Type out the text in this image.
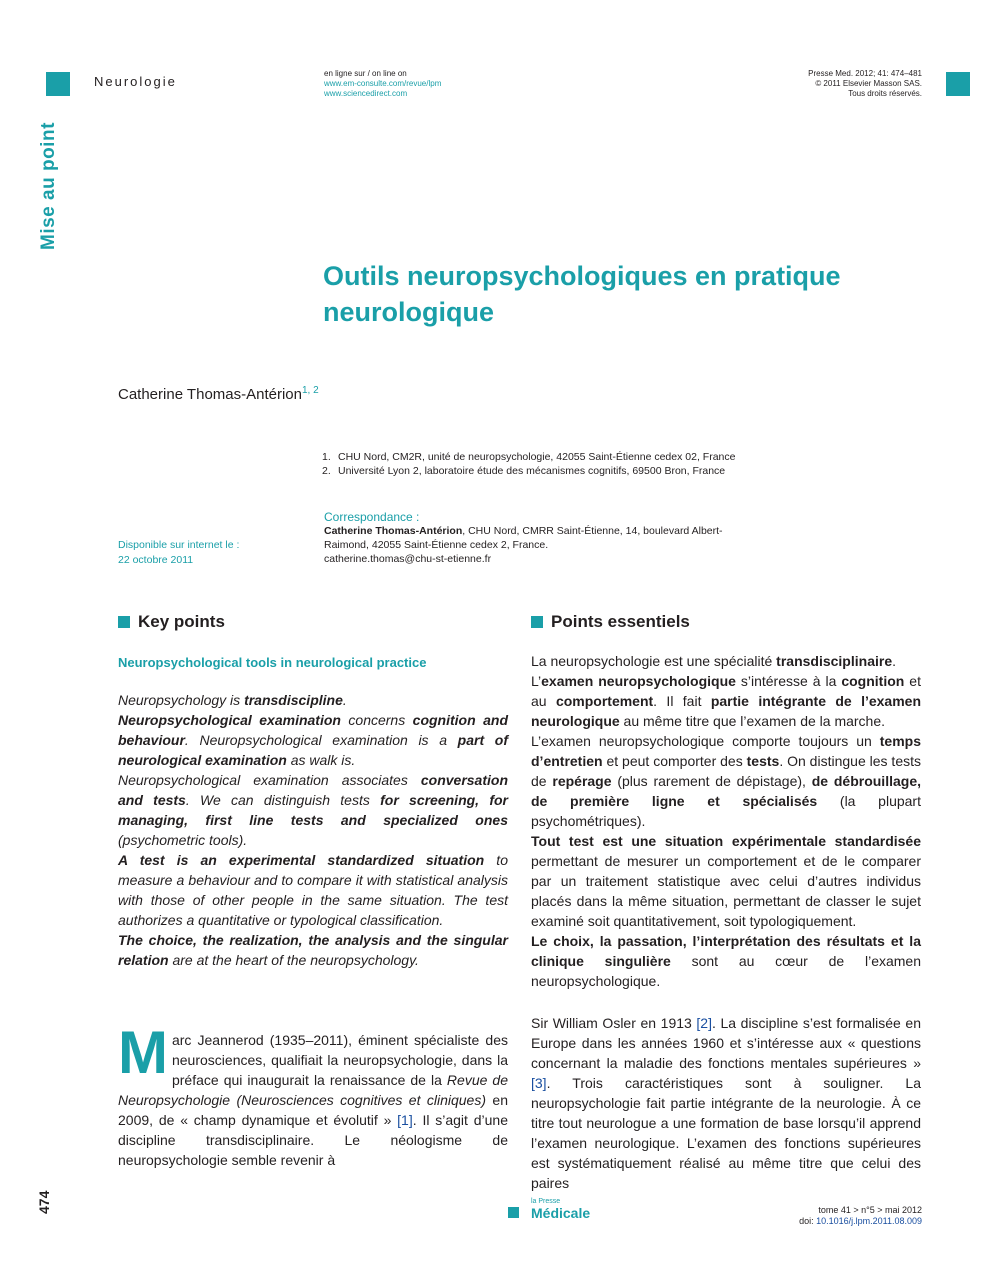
Neurologie
en ligne sur / on line on
www.em-consulte.com/revue/lpm
www.sciencedirect.com
Presse Med. 2012; 41: 474–481
© 2011 Elsevier Masson SAS.
Tous droits réservés.
Mise au point
Outils neuropsychologiques en pratique neurologique
Catherine Thomas-Antérion$^{1, 2}$
1. CHU Nord, CM2R, unité de neuropsychologie, 42055 Saint-Étienne cedex 02, France
2. Université Lyon 2, laboratoire étude des mécanismes cognitifs, 69500 Bron, France
Correspondance :
Catherine Thomas-Antérion, CHU Nord, CMRR Saint-Étienne, 14, boulevard Albert-Raimond, 42055 Saint-Étienne cedex 2, France.
catherine.thomas@chu-st-etienne.fr
Disponible sur internet le :
22 octobre 2011
Key points	Points essentiels
Neuropsychological tools in neurological practice

Neuropsychology is transdiscipline.

Neuropsychological examination concerns cognition and behaviour. Neuropsychological examination is a part of neurological examination as walk is.

Neuropsychological examination associates conversation and tests. We can distinguish tests for screening, for managing, first line tests and specialized ones (psychometric tools).

A test is an experimental standardized situation to measure a behaviour and to compare it with statistical analysis with those of other people in the same situation. The test authorizes a quantitative or typological classification.

The choice, the realization, the analysis and the singular relation are at the heart of the neuropsychology.

La neuropsychologie est une spécialité transdisciplinaire.

L’examen neuropsychologique s’intéresse à la cognition et au comportement. Il fait partie intégrante de l’examen neurologique au même titre que l’examen de la marche.

L’examen neuropsychologique comporte toujours un temps d’entretien et peut comporter des tests. On distingue les tests de repérage (plus rarement de dépistage), de débrouillage, de première ligne et spécialisés (la plupart psychométriques).

Tout test est une situation expérimentale standardisée permettant de mesurer un comportement et de le comparer par un traitement statistique avec celui d’autres individus placés dans la même situation, permettant de classer le sujet examiné soit quantitativement, soit typologiquement.

Le choix, la passation, l’interprétation des résultats et la clinique singulière sont au cœur de l’examen neuropsychologique.

Marc Jeannerod (1935–2011), éminent spécialiste des neurosciences, qualifiait la neuropsychologie, dans la préface qui inaugurait la renaissance de la Revue de Neuropsychologie (Neurosciences cognitives et cliniques) en 2009, de « champ dynamique et évolutif » [1]. Il s’agit d’une discipline transdisciplinaire. Le néologisme de neuropsychologie semble revenir à
Sir William Osler en 1913 [2]. La discipline s’est formalisée en Europe dans les années 1960 et s’intéresse aux « questions concernant la maladie des fonctions mentales supérieures » [3]. Trois caractéristiques sont à souligner. La neuropsychologie fait partie intégrante de la neurologie. À ce titre tout neurologue a une formation de base lorsqu’il apprend l’examen neurologique. L’examen des fonctions supérieures est systématiquement réalisé au même titre que celui des paires
474	la Presse
Médicale	tome 41 > n°5 > mai 2012
doi: 10.1016/j.lpm.2011.08.009
